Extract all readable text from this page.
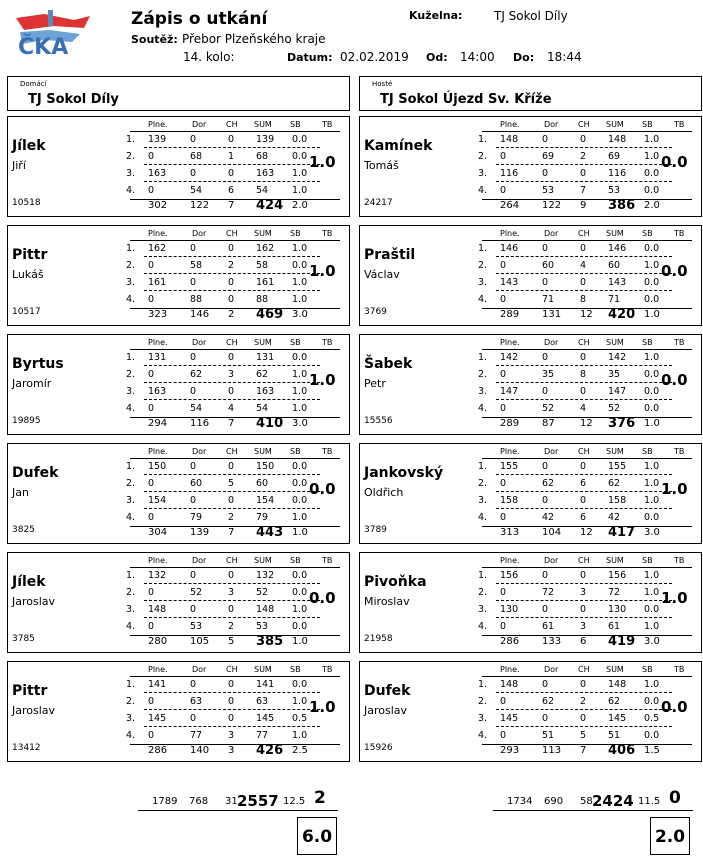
ČKA
Zápis o utkání	Kuželna:	TJ Sokol Díly
Soutěž: Přebor Plzeňského kraje
14. kolo:	Datum: 02.02.2019 Od: 14:00 Do: 18:44
Domácí
TJ Sokol Díly
Hosté
TJ Sokol Újezd Sv. Kříže
Jílek
Jiří
10518
Plne.	Dor CH SUM SB	TB
1. 139	0	0 139 0.0
2. 0	68	1 68	0.0
3. 163	0	0 163 1.0
4. 0	54	6 54	1.0
302 122 7 424 2.0
1.0
Pittr
Lukáš
10517
Plne.	Dor CH SUM SB	TB
1. 162	0	0 162 1.0
2. 0	58	2 58	0.0
3. 161	0	0 161 1.0
4. 0	88	0 88	1.0
323 146 2 469 3.0
1.0
Byrtus
Jaromír
19895
Plne.	Dor CH SUM SB	TB
1. 131	0	0 131 0.0
2. 0	62	3 62	1.0
3. 163	0	0 163 1.0
4. 0	54	4 54	1.0
294 116 7 410 3.0
1.0
Dufek
Jan
3825
Plne.	Dor CH SUM SB	TB
1. 150	0	0 150 0.0
2. 0	60	5 60	0.0
3. 154	0	0 154 0.0
4. 0	79	2 79	1.0
304 139 7 443 1.0
0.0
Jílek
Jaroslav
3785
Plne.	Dor CH SUM SB	TB
1. 132	0	0 132 0.0
2. 0	52	3 52	0.0
3. 148	0	0 148 1.0
4. 0	53	2 53	0.0
280 105 5 385 1.0
0.0
Pittr
Jaroslav
13412
Plne.	Dor CH SUM SB	TB
1. 141	0	0 141 0.0
2. 0	63	0 63	1.0
3. 145	0	0 145 0.5
4. 0	77	3 77	1.0
286 140 3 426 2.5
1.0
Kamínek
Tomáš
24217
Plne.	Dor CH SUM SB	TB
1. 148	0	0 148 1.0
2. 0	69	2 69	1.0
3. 116	0	0 116 0.0
4. 0	53	7 53	0.0
264 122 9 386 2.0
0.0
Praštil
Václav
3769
Plne.	Dor CH SUM SB	TB
1. 146	0	0 146 0.0
2. 0	60	4 60	1.0
3. 143	0	0 143 0.0
4. 0	71	8 71	0.0
289 131 12 420 1.0
0.0
Šabek
Petr
15556
Plne.	Dor CH SUM SB	TB
1. 142	0	0 142 1.0
2. 0	35	8 35	0.0
3. 147	0	0 147 0.0
4. 0	52	4 52	0.0
289 87	12 376 1.0
0.0
Jankovský
Oldřich
3789
Plne.	Dor CH SUM SB	TB
1. 155	0	0 155 1.0
2. 0	62	6 62	1.0
3. 158	0	0 158 1.0
4. 0	42	6 42	0.0
313 104 12 417 3.0
1.0
Pivoňka
Miroslav
21958
Plne.	Dor CH SUM SB	TB
1. 156	0	0 156 1.0
2. 0	72	3 72	1.0
3. 130	0	0 130 0.0
4. 0	61	3 61	1.0
286 133 6 419 3.0
1.0
Dufek
Jaroslav
15926
Plne.	Dor CH SUM SB	TB
1. 148	0	0 148 1.0
2. 0	62	2 62	0.0
3. 145	0	0 145 0.5
4. 0	51	5 51	0.0
293 113 7 406 1.5
0.0
1789 768 31 2557 12.5 2	1734 690 58 2424 11.5 0
6.0	2.0
